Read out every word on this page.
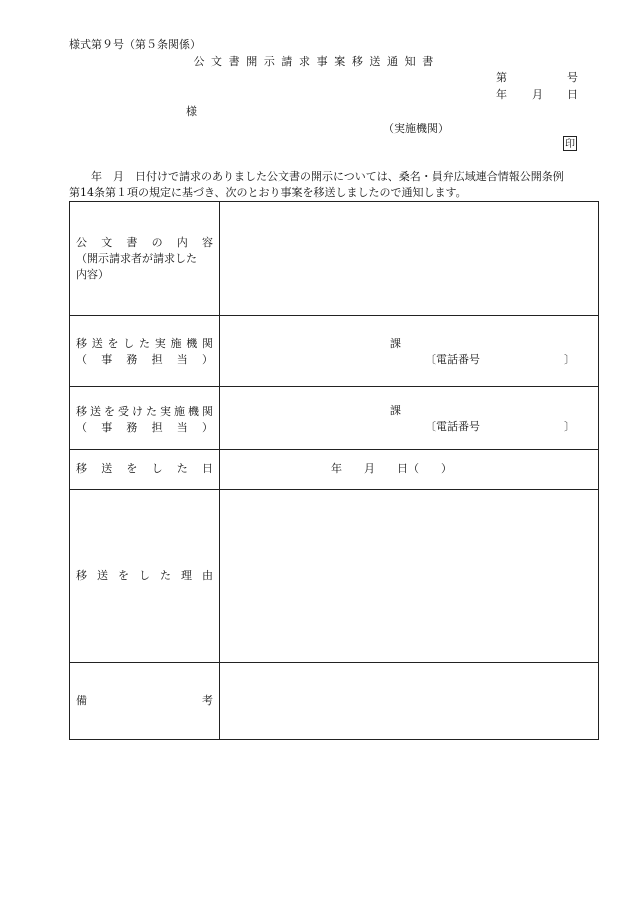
様式第９号（第５条関係）
公文書開示請求事案移送通知書
第	号
年 月 日
様
（実施機関）
印
　　年　月　日付けで請求のありました公文書の開示については、桑名・員弁広域連合情報公開条例
第14条第１項の規定に基づき、次のとおり事案を移送しましたので通知します。
公 文 書 の 内 容
（開示請求者が請求した
内容）
移 送 を し た 実 施 機 関
（ 事 務 担 当 ）
課
〔電話番号	〕
移 送 を 受 け た 実 施 機 関
（ 事 務 担 当 ）
課
〔電話番号	〕
移 送 を し た 日	年　　月　　日（　　）
移 送 を し た 理 由
備	考
